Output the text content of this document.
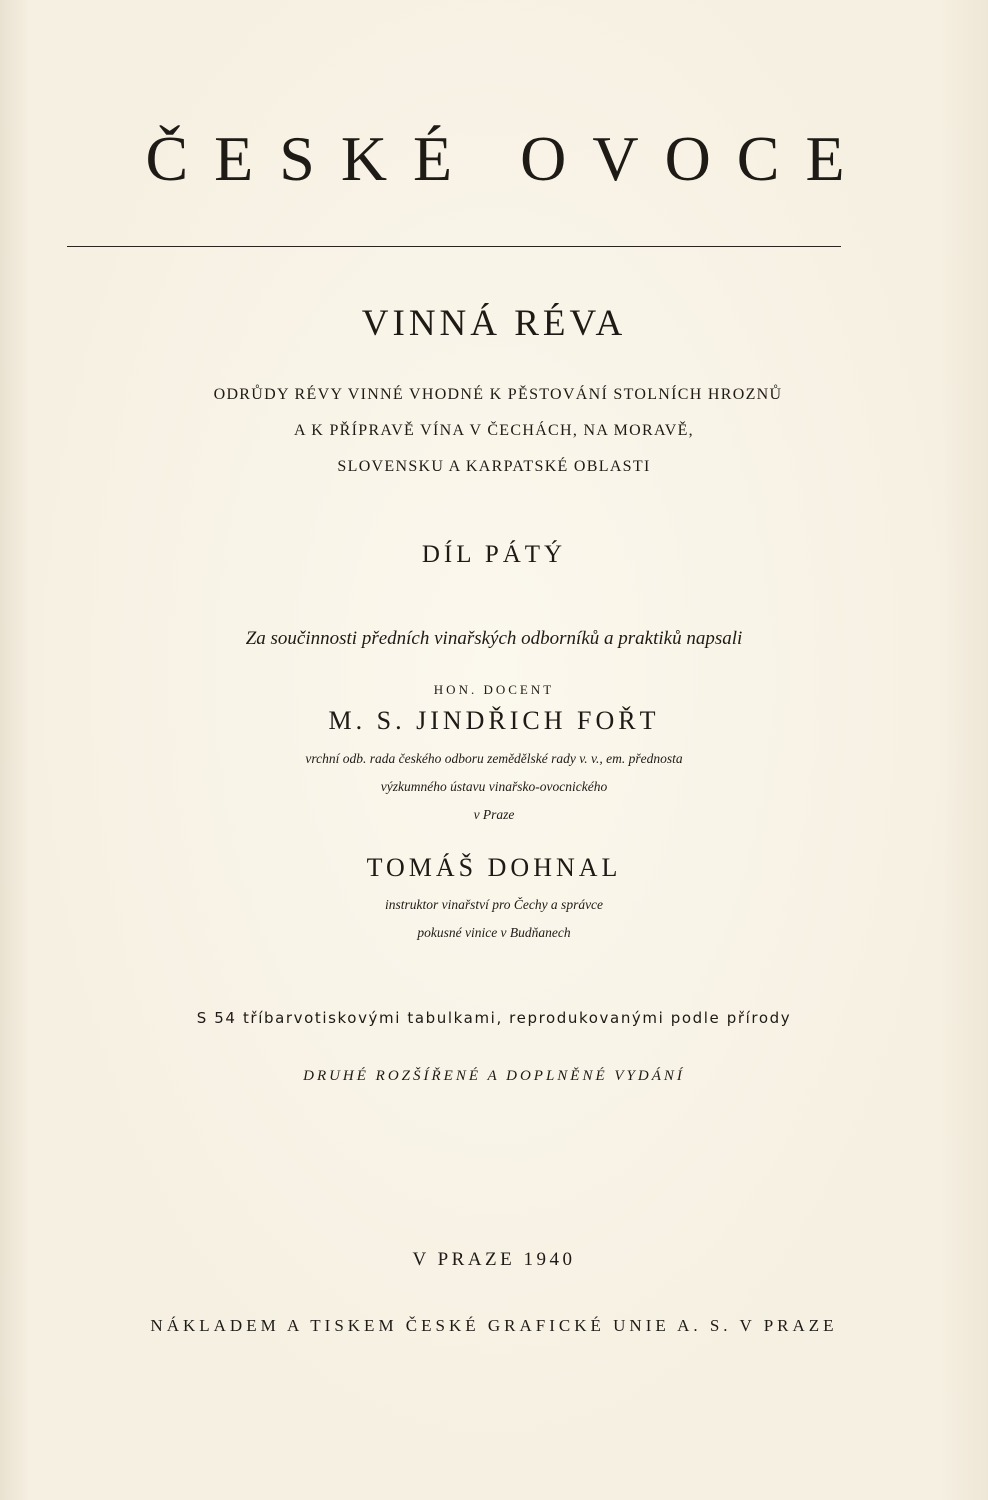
ČESKÉ OVOCE
VINNÁ RÉVA
ODRŮDY RÉVY VINNÉ VHODNÉ K PĚSTOVÁNÍ STOLNÍCH HROZNŮ
A K PŘÍPRAVĚ VÍNA V ČECHÁCH, NA MORAVĚ,
SLOVENSKU A KARPATSKÉ OBLASTI
DÍL PÁTÝ
Za součinnosti předních vinařských odborníků a praktiků napsali
HON. DOCENT
M. S. JINDŘICH FOŘT
vrchní odb. rada českého odboru zemědělské rady v. v., em. přednosta
výzkumného ústavu vinařsko-ovocnického
v Praze
TOMÁŠ DOHNAL
instruktor vinařství pro Čechy a správce
pokusné vinice v Budňanech
S 54 tříbarvotiskovými tabulkami, reprodukovanými podle přírody
DRUHÉ ROZŠÍŘENÉ A DOPLNĚNÉ VYDÁNÍ
V PRAZE 1940
NÁKLADEM A TISKEM ČESKÉ GRAFICKÉ UNIE A. S. V PRAZE
